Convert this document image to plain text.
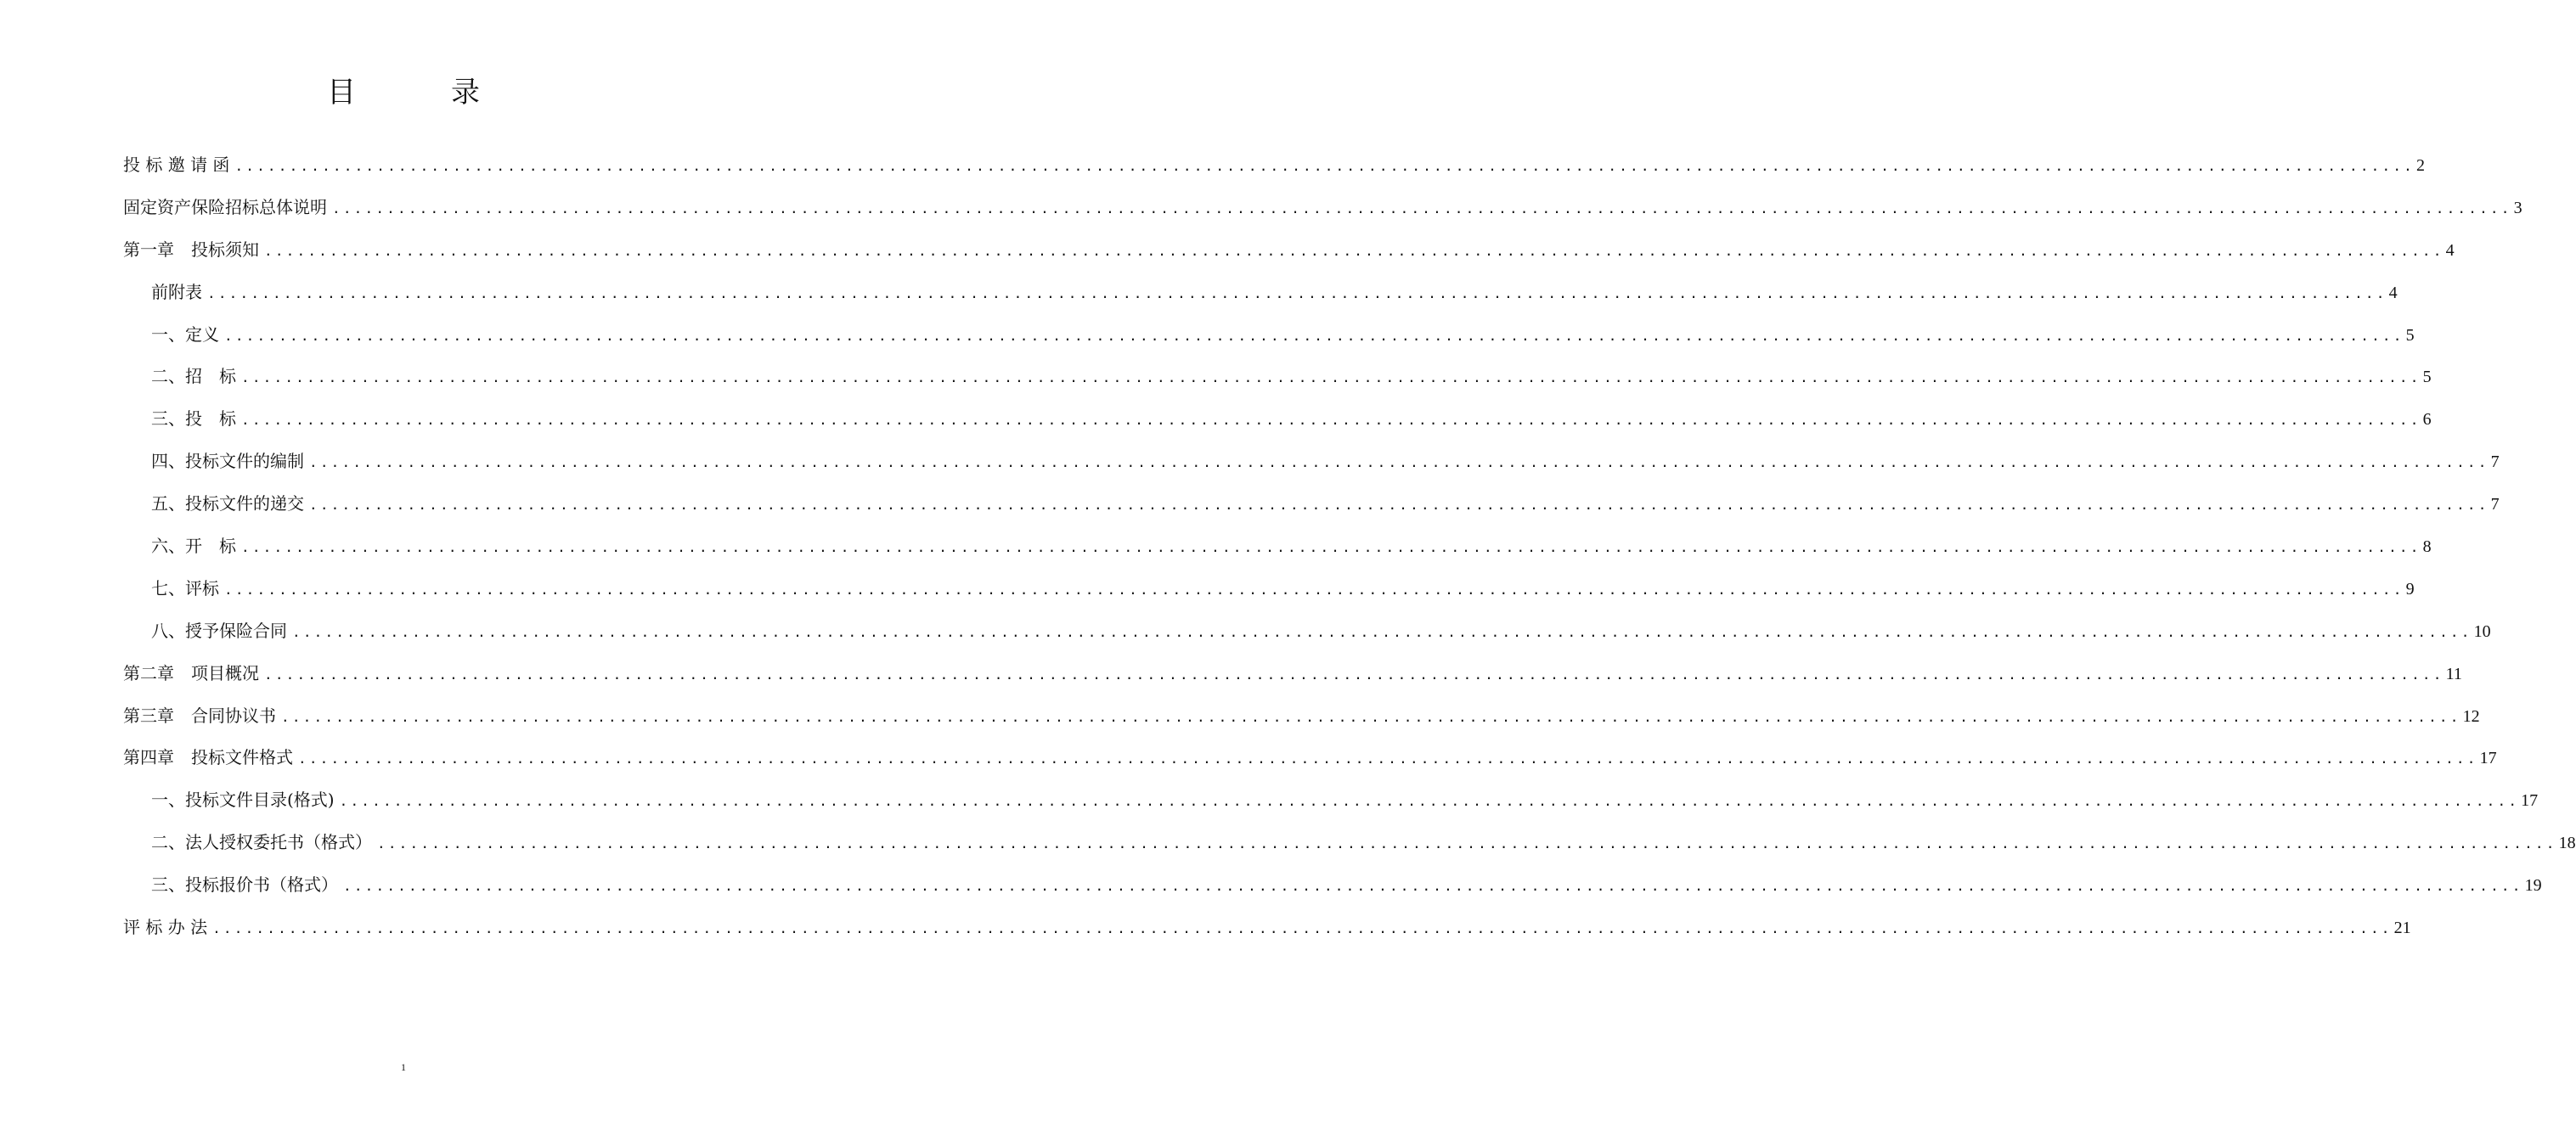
目	录
投 标 邀 请 函 ........................................................................................................................................................................................................ 2
固定资产保险招标总体说明 ........................................................................................................................................................................................................ 3
第一章　投标须知 ........................................................................................................................................................................................................ 4
前附表 ........................................................................................................................................................................................................ 4
一、定义 ........................................................................................................................................................................................................ 5
二、招　标 ........................................................................................................................................................................................................ 5
三、投　标 ........................................................................................................................................................................................................ 6
四、投标文件的编制 ........................................................................................................................................................................................................ 7
五、投标文件的递交 ........................................................................................................................................................................................................ 7
六、开　标 ........................................................................................................................................................................................................ 8
七、评标 ........................................................................................................................................................................................................ 9
八、授予保险合同 ........................................................................................................................................................................................................ 10
第二章　项目概况 ........................................................................................................................................................................................................ 11
第三章　合同协议书 ........................................................................................................................................................................................................ 12
第四章　投标文件格式 ........................................................................................................................................................................................................ 17
一、投标文件目录(格式) ........................................................................................................................................................................................................ 17
二、法人授权委托书（格式） ........................................................................................................................................................................................................ 18
三、投标报价书（格式） ........................................................................................................................................................................................................ 19
评 标 办 法 ........................................................................................................................................................................................................ 21
1
